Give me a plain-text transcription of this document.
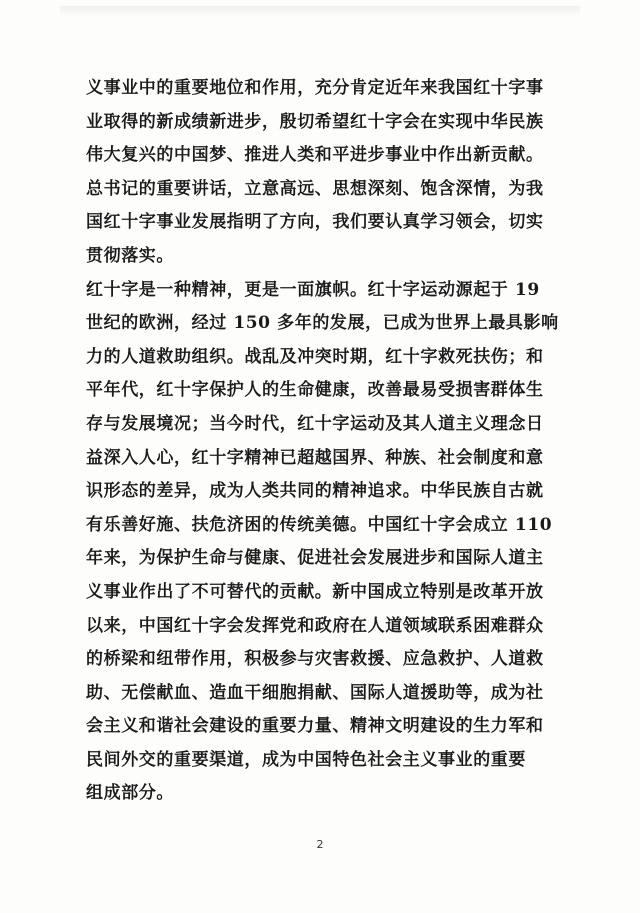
义事业中的重要地位和作用，充分肯定近年来我国红十字事
业取得的新成绩新进步，殷切希望红十字会在实现中华民族
伟大复兴的中国梦、推进人类和平进步事业中作出新贡献。
总书记的重要讲话，立意高远、思想深刻、饱含深情，为我
国红十字事业发展指明了方向，我们要认真学习领会，切实
贯彻落实。
红十字是一种精神，更是一面旗帜。红十字运动源起于 19
世纪的欧洲，经过 150 多年的发展，已成为世界上最具影响
力的人道救助组织。战乱及冲突时期，红十字救死扶伤；和
平年代，红十字保护人的生命健康，改善最易受损害群体生
存与发展境况；当今时代，红十字运动及其人道主义理念日
益深入人心，红十字精神已超越国界、种族、社会制度和意
识形态的差异，成为人类共同的精神追求。中华民族自古就
有乐善好施、扶危济困的传统美德。中国红十字会成立 110
年来，为保护生命与健康、促进社会发展进步和国际人道主
义事业作出了不可替代的贡献。新中国成立特别是改革开放
以来，中国红十字会发挥党和政府在人道领域联系困难群众
的桥梁和纽带作用，积极参与灾害救援、应急救护、人道救
助、无偿献血、造血干细胞捐献、国际人道援助等，成为社
会主义和谐社会建设的重要力量、精神文明建设的生力军和
民间外交的重要渠道，成为中国特色社会主义事业的重要
组成部分。
2
